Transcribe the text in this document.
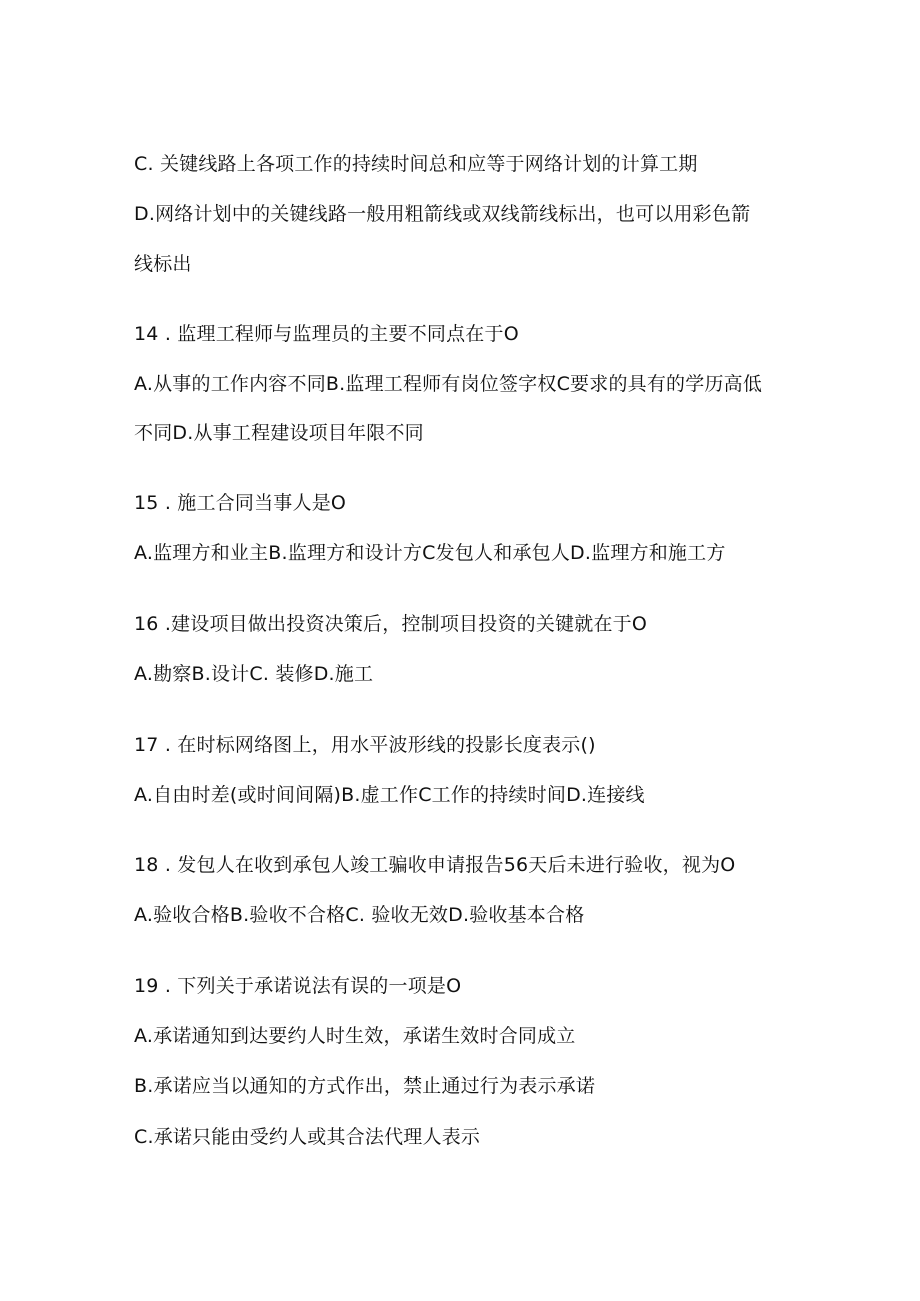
C. 关键线路上各项工作的持续时间总和应等于网络计划的计算工期
D.网络计划中的关键线路一般用粗箭线或双线箭线标出，也可以用彩色箭
线标出
14 . 监理工程师与监理员的主要不同点在于O
A.从事的工作内容不同B.监理工程师有岗位签字权C要求的具有的学历高低
不同D.从事工程建设项目年限不同
15 . 施工合同当事人是O
A.监理方和业主B.监理方和设计方C发包人和承包人D.监理方和施工方
16 .建设项目做出投资决策后，控制项目投资的关键就在于O
A.勘察B.设计C. 装修D.施工
17 . 在时标网络图上，用水平波形线的投影长度表示()
A.自由时差(或时间间隔)B.虚工作C工作的持续时间D.连接线
18 . 发包人在收到承包人竣工骗收申请报告56天后未进行验收，视为O
A.验收合格B.验收不合格C. 验收无效D.验收基本合格
19 . 下列关于承诺说法有误的一项是O
A.承诺通知到达要约人时生效，承诺生效时合同成立
B.承诺应当以通知的方式作出，禁止通过行为表示承诺
C.承诺只能由受约人或其合法代理人表示
